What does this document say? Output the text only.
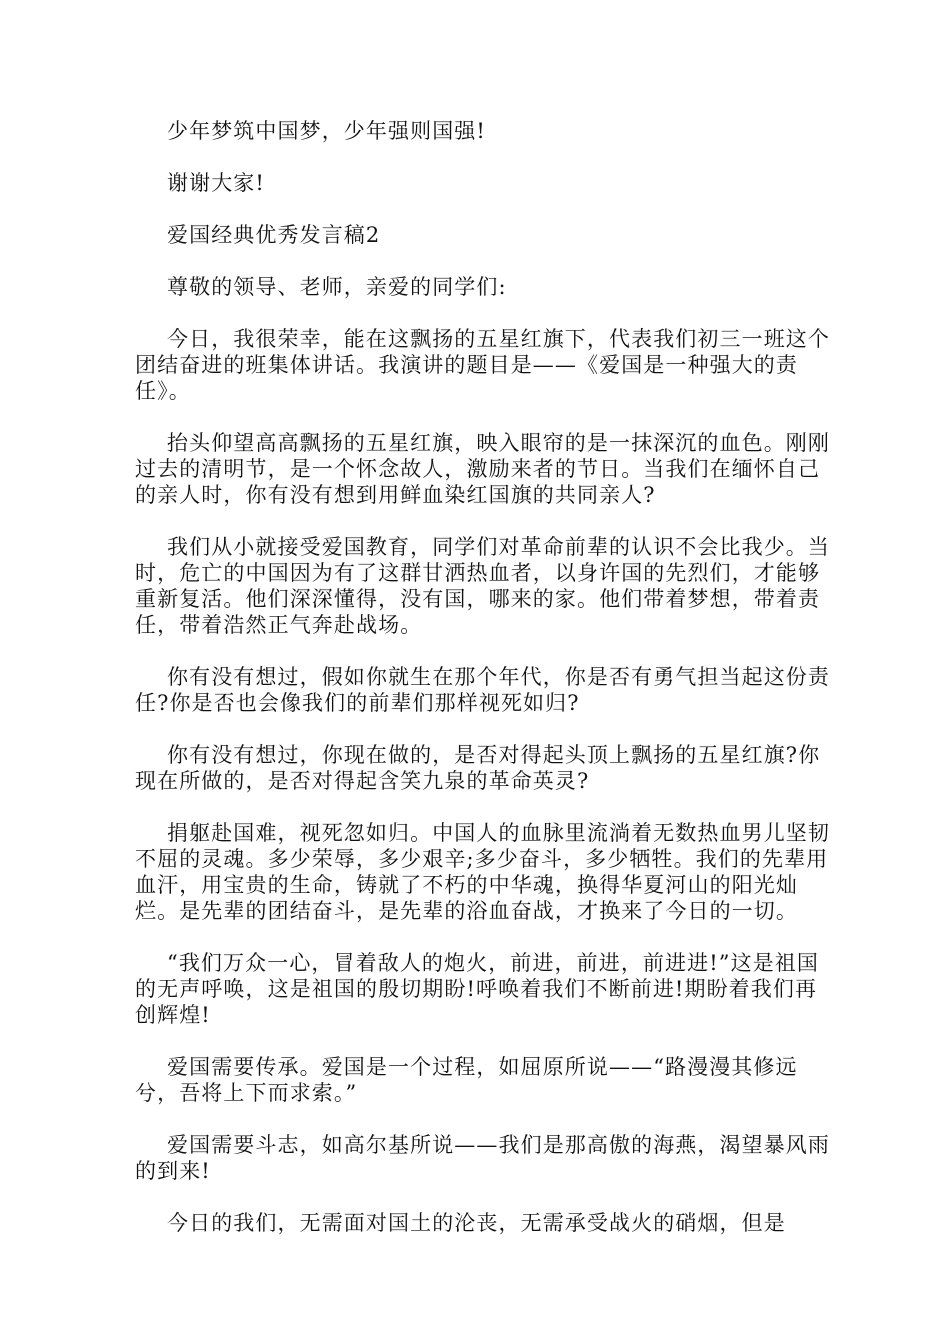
少年梦筑中国梦，少年强则国强!

谢谢大家!

爱国经典优秀发言稿2

尊敬的领导、老师，亲爱的同学们:

今日，我很荣幸，能在这飘扬的五星红旗下，代表我们初三一班这个团结奋进的班集体讲话。我演讲的题目是——《爱国是一种强大的责任》。

抬头仰望高高飘扬的五星红旗，映入眼帘的是一抹深沉的血色。刚刚过去的清明节，是一个怀念故人，激励来者的节日。当我们在缅怀自己的亲人时，你有没有想到用鲜血染红国旗的共同亲人?

我们从小就接受爱国教育，同学们对革命前辈的认识不会比我少。当时，危亡的中国因为有了这群甘洒热血者，以身许国的先烈们，才能够重新复活。他们深深懂得，没有国，哪来的家。他们带着梦想，带着责任，带着浩然正气奔赴战场。

你有没有想过，假如你就生在那个年代，你是否有勇气担当起这份责任?你是否也会像我们的前辈们那样视死如归?

你有没有想过，你现在做的，是否对得起头顶上飘扬的五星红旗?你现在所做的，是否对得起含笑九泉的革命英灵?

捐躯赴国难，视死忽如归。中国人的血脉里流淌着无数热血男儿坚韧不屈的灵魂。多少荣辱，多少艰辛;多少奋斗，多少牺牲。我们的先辈用血汗，用宝贵的生命，铸就了不朽的中华魂，换得华夏河山的阳光灿烂。是先辈的团结奋斗，是先辈的浴血奋战，才换来了今日的一切。

“我们万众一心，冒着敌人的炮火，前进，前进，前进进!”这是祖国的无声呼唤，这是祖国的殷切期盼!呼唤着我们不断前进!期盼着我们再创辉煌!

爱国需要传承。爱国是一个过程，如屈原所说——“路漫漫其修远兮，吾将上下而求索。”

爱国需要斗志，如高尔基所说——我们是那高傲的海燕，渴望暴风雨的到来!

今日的我们，无需面对国土的沦丧，无需承受战火的硝烟，但是
